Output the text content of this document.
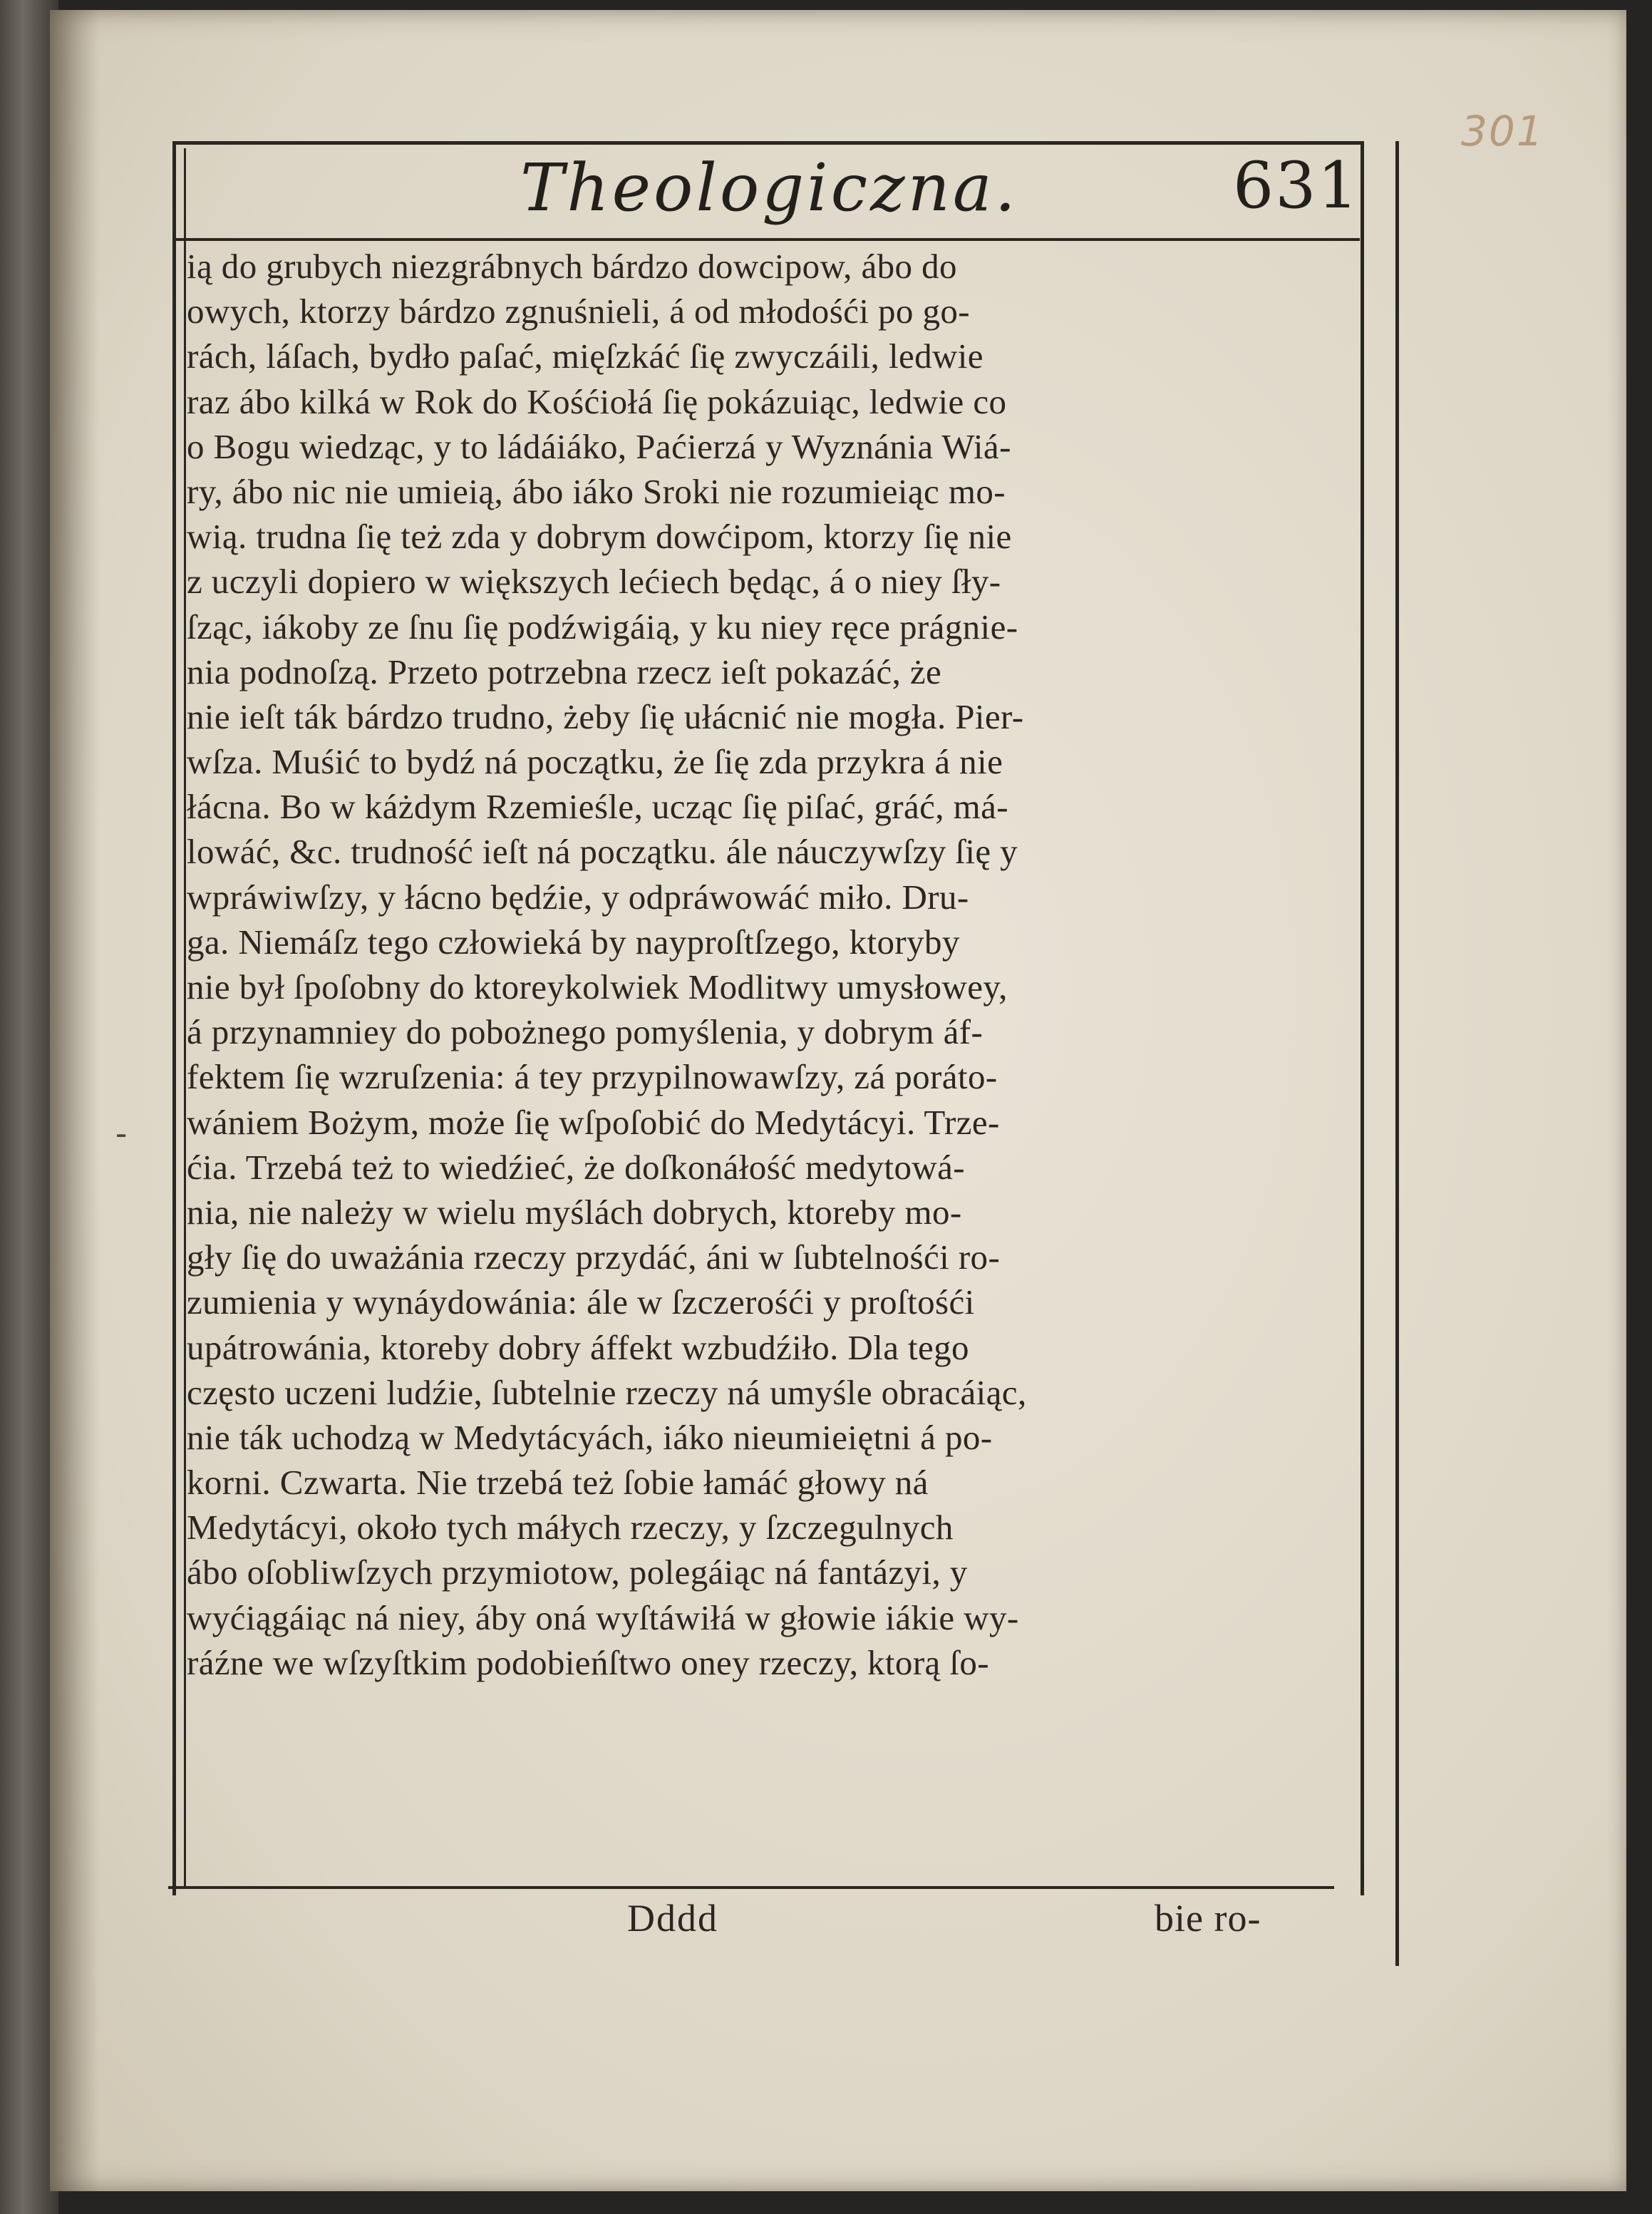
Theologiczna.	631
301
-
ią do grubych niezgrábnych bárdzo dowcipow, ábo do
owych, ktorzy bárdzo zgnuśnieli, á od młodośći po go-
rách, láſach, bydło paſać, mięſzkáć ſię zwyczáili, ledwie
raz ábo kilká w Rok do Kośćiołá ſię pokázuiąc, ledwie co
o Bogu wiedząc, y to ládáiáko, Paćierzá y Wyznánia Wiá-
ry, ábo nic nie umieią, ábo iáko Sroki nie rozumieiąc mo-
wią. trudna ſię też zda y dobrym dowćipom, ktorzy ſię nie
z uczyli dopiero w większych lećiech będąc, á o niey ſły-
ſząc, iákoby ze ſnu ſię podźwigáią, y ku niey ręce prágnie-
nia podnoſzą. Przeto potrzebna rzecz ieſt pokazáć, że
nie ieſt ták bárdzo trudno, żeby ſię ułácnić nie mogła. Pier-
wſza. Muśić to bydź ná początku, że ſię zda przykra á nie
łácna. Bo w káżdym Rzemieśle, ucząc ſię piſać, gráć, má-
lowáć, &c. trudność ieſt ná początku. ále náuczywſzy ſię y
wpráwiwſzy, y łácno będźie, y odpráwowáć miło. Dru-
ga. Niemáſz tego człowieká by nayproſtſzego, ktoryby
nie był ſpoſobny do ktoreykolwiek Modlitwy umysłowey,
á przynamniey do pobożnego pomyślenia, y dobrym áf-
fektem ſię wzruſzenia: á tey przypilnowawſzy, zá poráto-
wániem Bożym, może ſię wſpoſobić do Medytácyi. Trze-
ćia. Trzebá też to wiedźieć, że doſkonáłość medytowá-
nia, nie należy w wielu myślách dobrych, ktoreby mo-
gły ſię do uważánia rzeczy przydáć, áni w ſubtelnośći ro-
zumienia y wynáydowánia: ále w ſzczerośći y proſtośći
upátrowánia, ktoreby dobry áffekt wzbudźiło. Dla tego
często uczeni ludźie, ſubtelnie rzeczy ná umyśle obracáiąc,
nie ták uchodzą w Medytácyách, iáko nieumieiętni á po-
korni. Czwarta. Nie trzebá też ſobie łamáć głowy ná
Medytácyi, około tych máłych rzeczy, y ſzczegulnych
ábo oſobliwſzych przymiotow, polegáiąc ná fantázyi, y
wyćiągáiąc ná niey, áby oná wyſtáwiłá w głowie iákie wy-
ráźne we wſzyſtkim podobieńſtwo oney rzeczy, ktorą ſo-
Dddd	bie ro-
